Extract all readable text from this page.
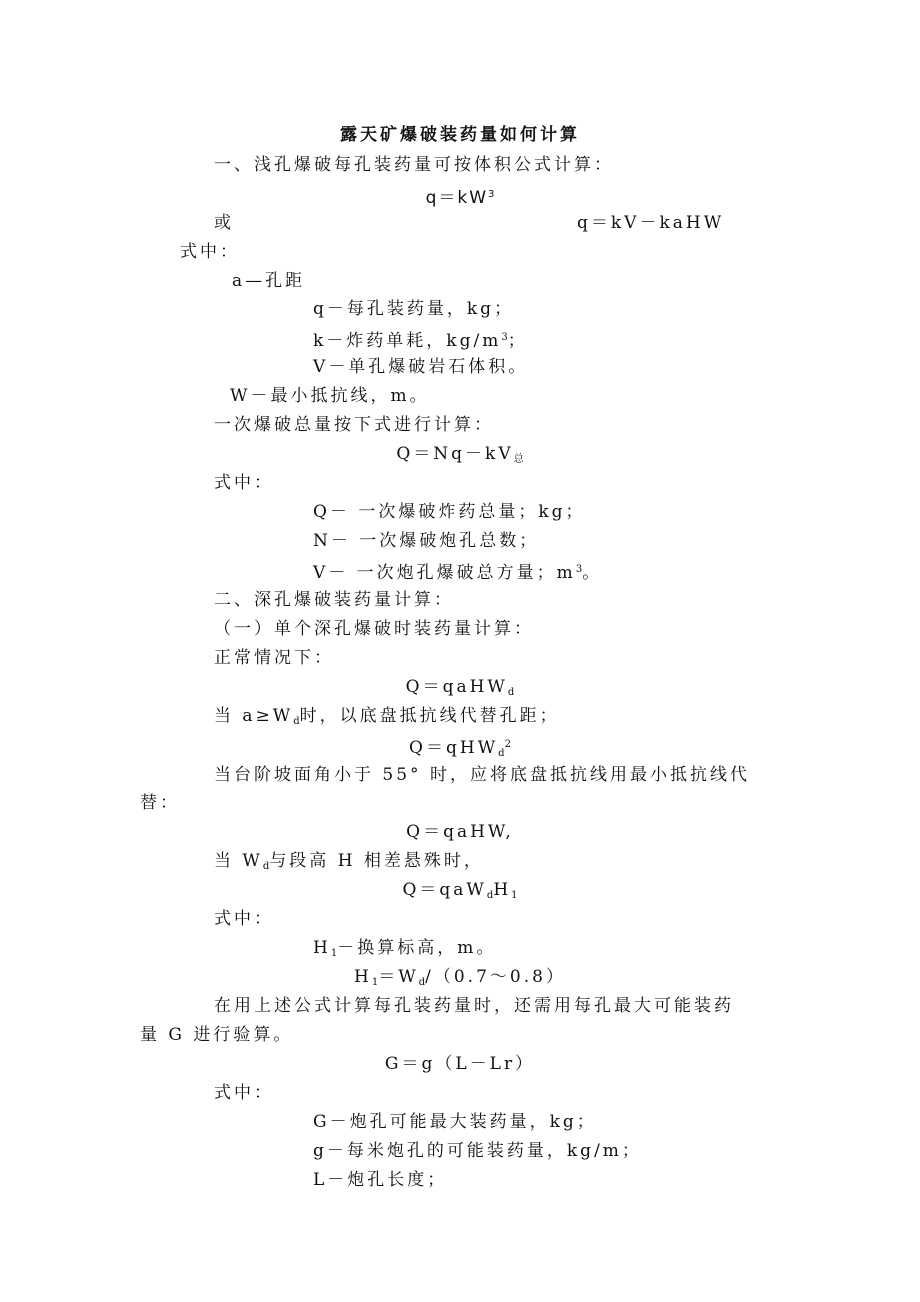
露天矿爆破装药量如何计算
一、浅孔爆破每孔装药量可按体积公式计算：
$q=kW^3$
或	q＝kV－kaHW
式中：
a—孔距
q－每孔装药量，kg；
k－炸药单耗，$kg/m^3$；
V－单孔爆破岩石体积。
W－最小抵抗线，m。
一次爆破总量按下式进行计算：
$Q=Nq-kV_总$
式中：
Q－ 一次爆破炸药总量；kg；
N－ 一次爆破炮孔总数；
V－ 一次炮孔爆破总方量；$m^3$。
二、深孔爆破装药量计算：
（一）单个深孔爆破时装药量计算：
正常情况下：
Q＝qaHW$_d$
当 $a\ge W_d$时，以底盘抵抗线代替孔距；
Q＝qHW$_d^2$
当台阶坡面角小于 55° 时，应将底盘抵抗线用最小抵抗线代
替：
Q＝qaHW,
当 $W_d$与段高 H 相差悬殊时，
$Q=qaW_dH_1$
式中：
$H_1-$换算标高，m。
$H_1=W_d/(0.7\sim 0.8)$
在用上述公式计算每孔装药量时，还需用每孔最大可能装药
量 G 进行验算。
G＝g（L－Lr）
式中：
G－炮孔可能最大装药量，kg；
g－每米炮孔的可能装药量，kg/m；
L－炮孔长度；
